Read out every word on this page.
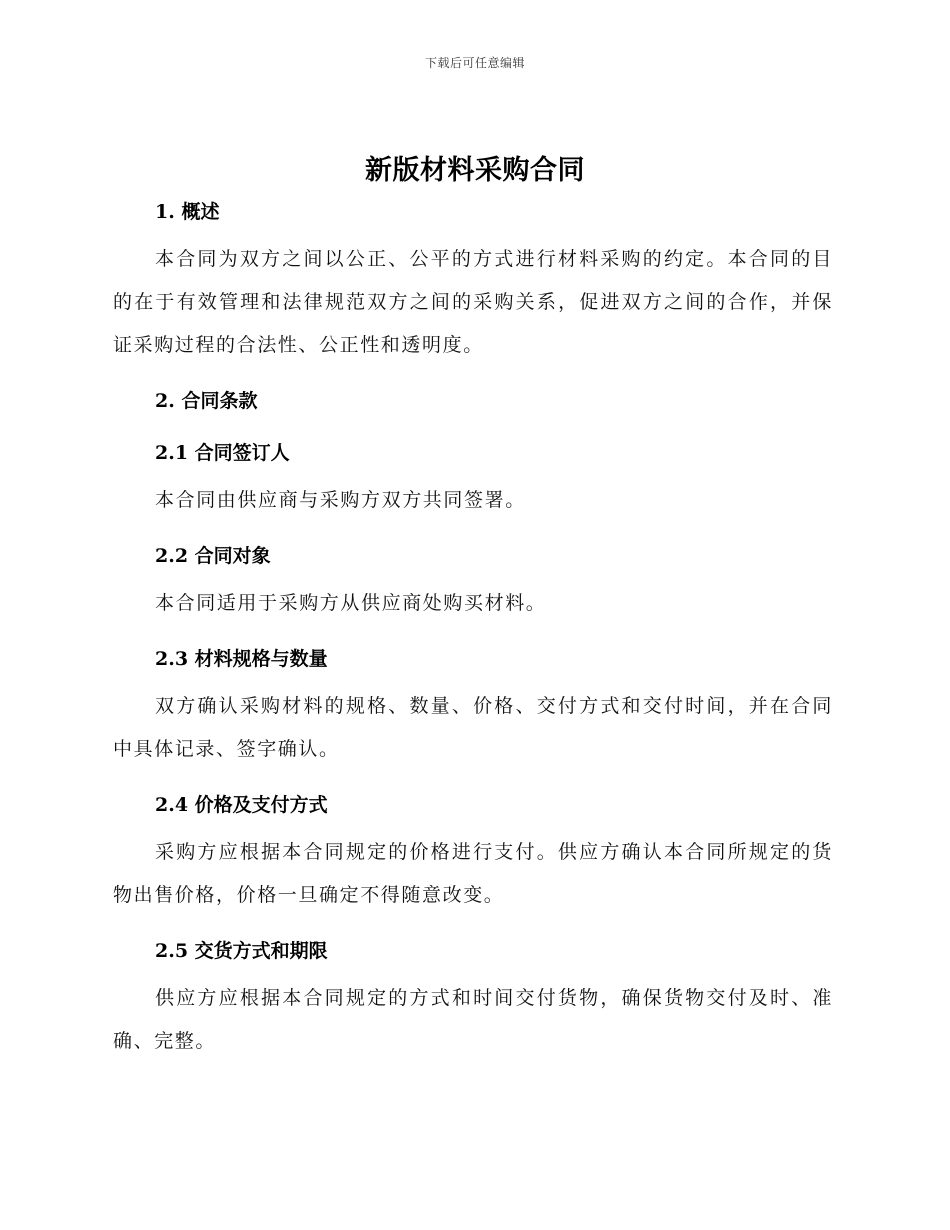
下载后可任意编辑
新版材料采购合同
1. 概述

本合同为双方之间以公正、公平的方式进行材料采购的约定。本合同的目的在于有效管理和法律规范双方之间的采购关系，促进双方之间的合作，并保证采购过程的合法性、公正性和透明度。

2. 合同条款
2.1 合同签订人

本合同由供应商与采购方双方共同签署。

2.2 合同对象

本合同适用于采购方从供应商处购买材料。

2.3 材料规格与数量

双方确认采购材料的规格、数量、价格、交付方式和交付时间，并在合同中具体记录、签字确认。

2.4 价格及支付方式

采购方应根据本合同规定的价格进行支付。供应方确认本合同所规定的货物出售价格，价格一旦确定不得随意改变。

2.5 交货方式和期限

供应方应根据本合同规定的方式和时间交付货物，确保货物交付及时、准确、完整。
